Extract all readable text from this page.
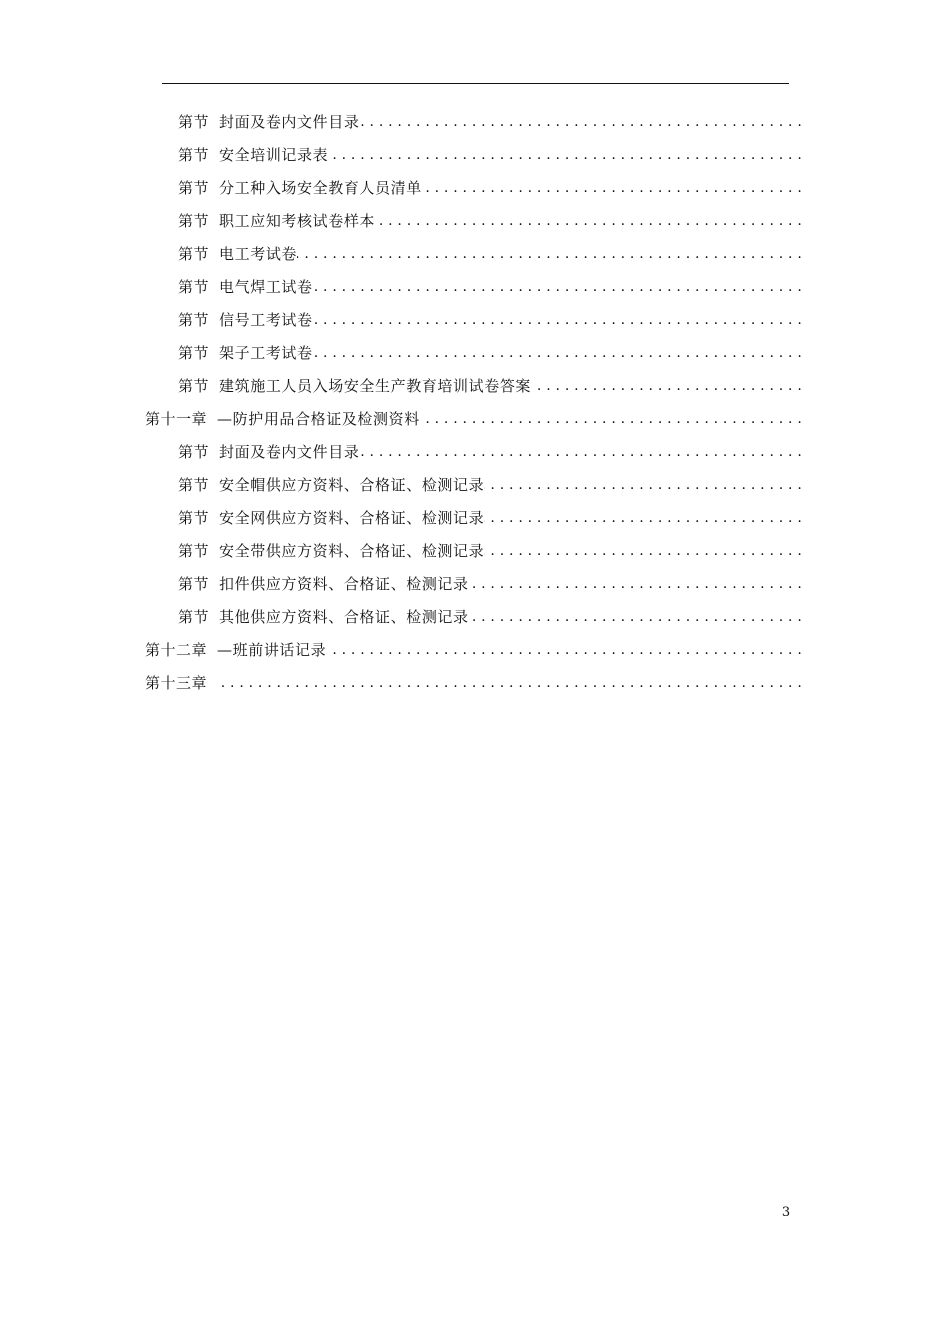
第节 封面及卷内文件目录
. . .
第节 安全培训记录表
. . .
第节 分工种入场安全教育人员清单
. . .
第节 职工应知考核试卷样本
. . .
第节 电工考试卷
. . .
第节 电气焊工试卷
. . .
第节 信号工考试卷
. . .
第节 架子工考试卷
. . .
第节 建筑施工人员入场安全生产教育培训试卷答案
. . .
第十一章 —防护用品合格证及检测资料
. . .
第节 封面及卷内文件目录
. . .
第节 安全帽供应方资料、合格证、检测记录
. . .
第节 安全网供应方资料、合格证、检测记录
. . .
第节 安全带供应方资料、合格证、检测记录
. . .
第节 扣件供应方资料、合格证、检测记录
. . .
第节 其他供应方资料、合格证、检测记录
. . .
第十二章 —班前讲话记录
. . .
第十三章
. . .
3
